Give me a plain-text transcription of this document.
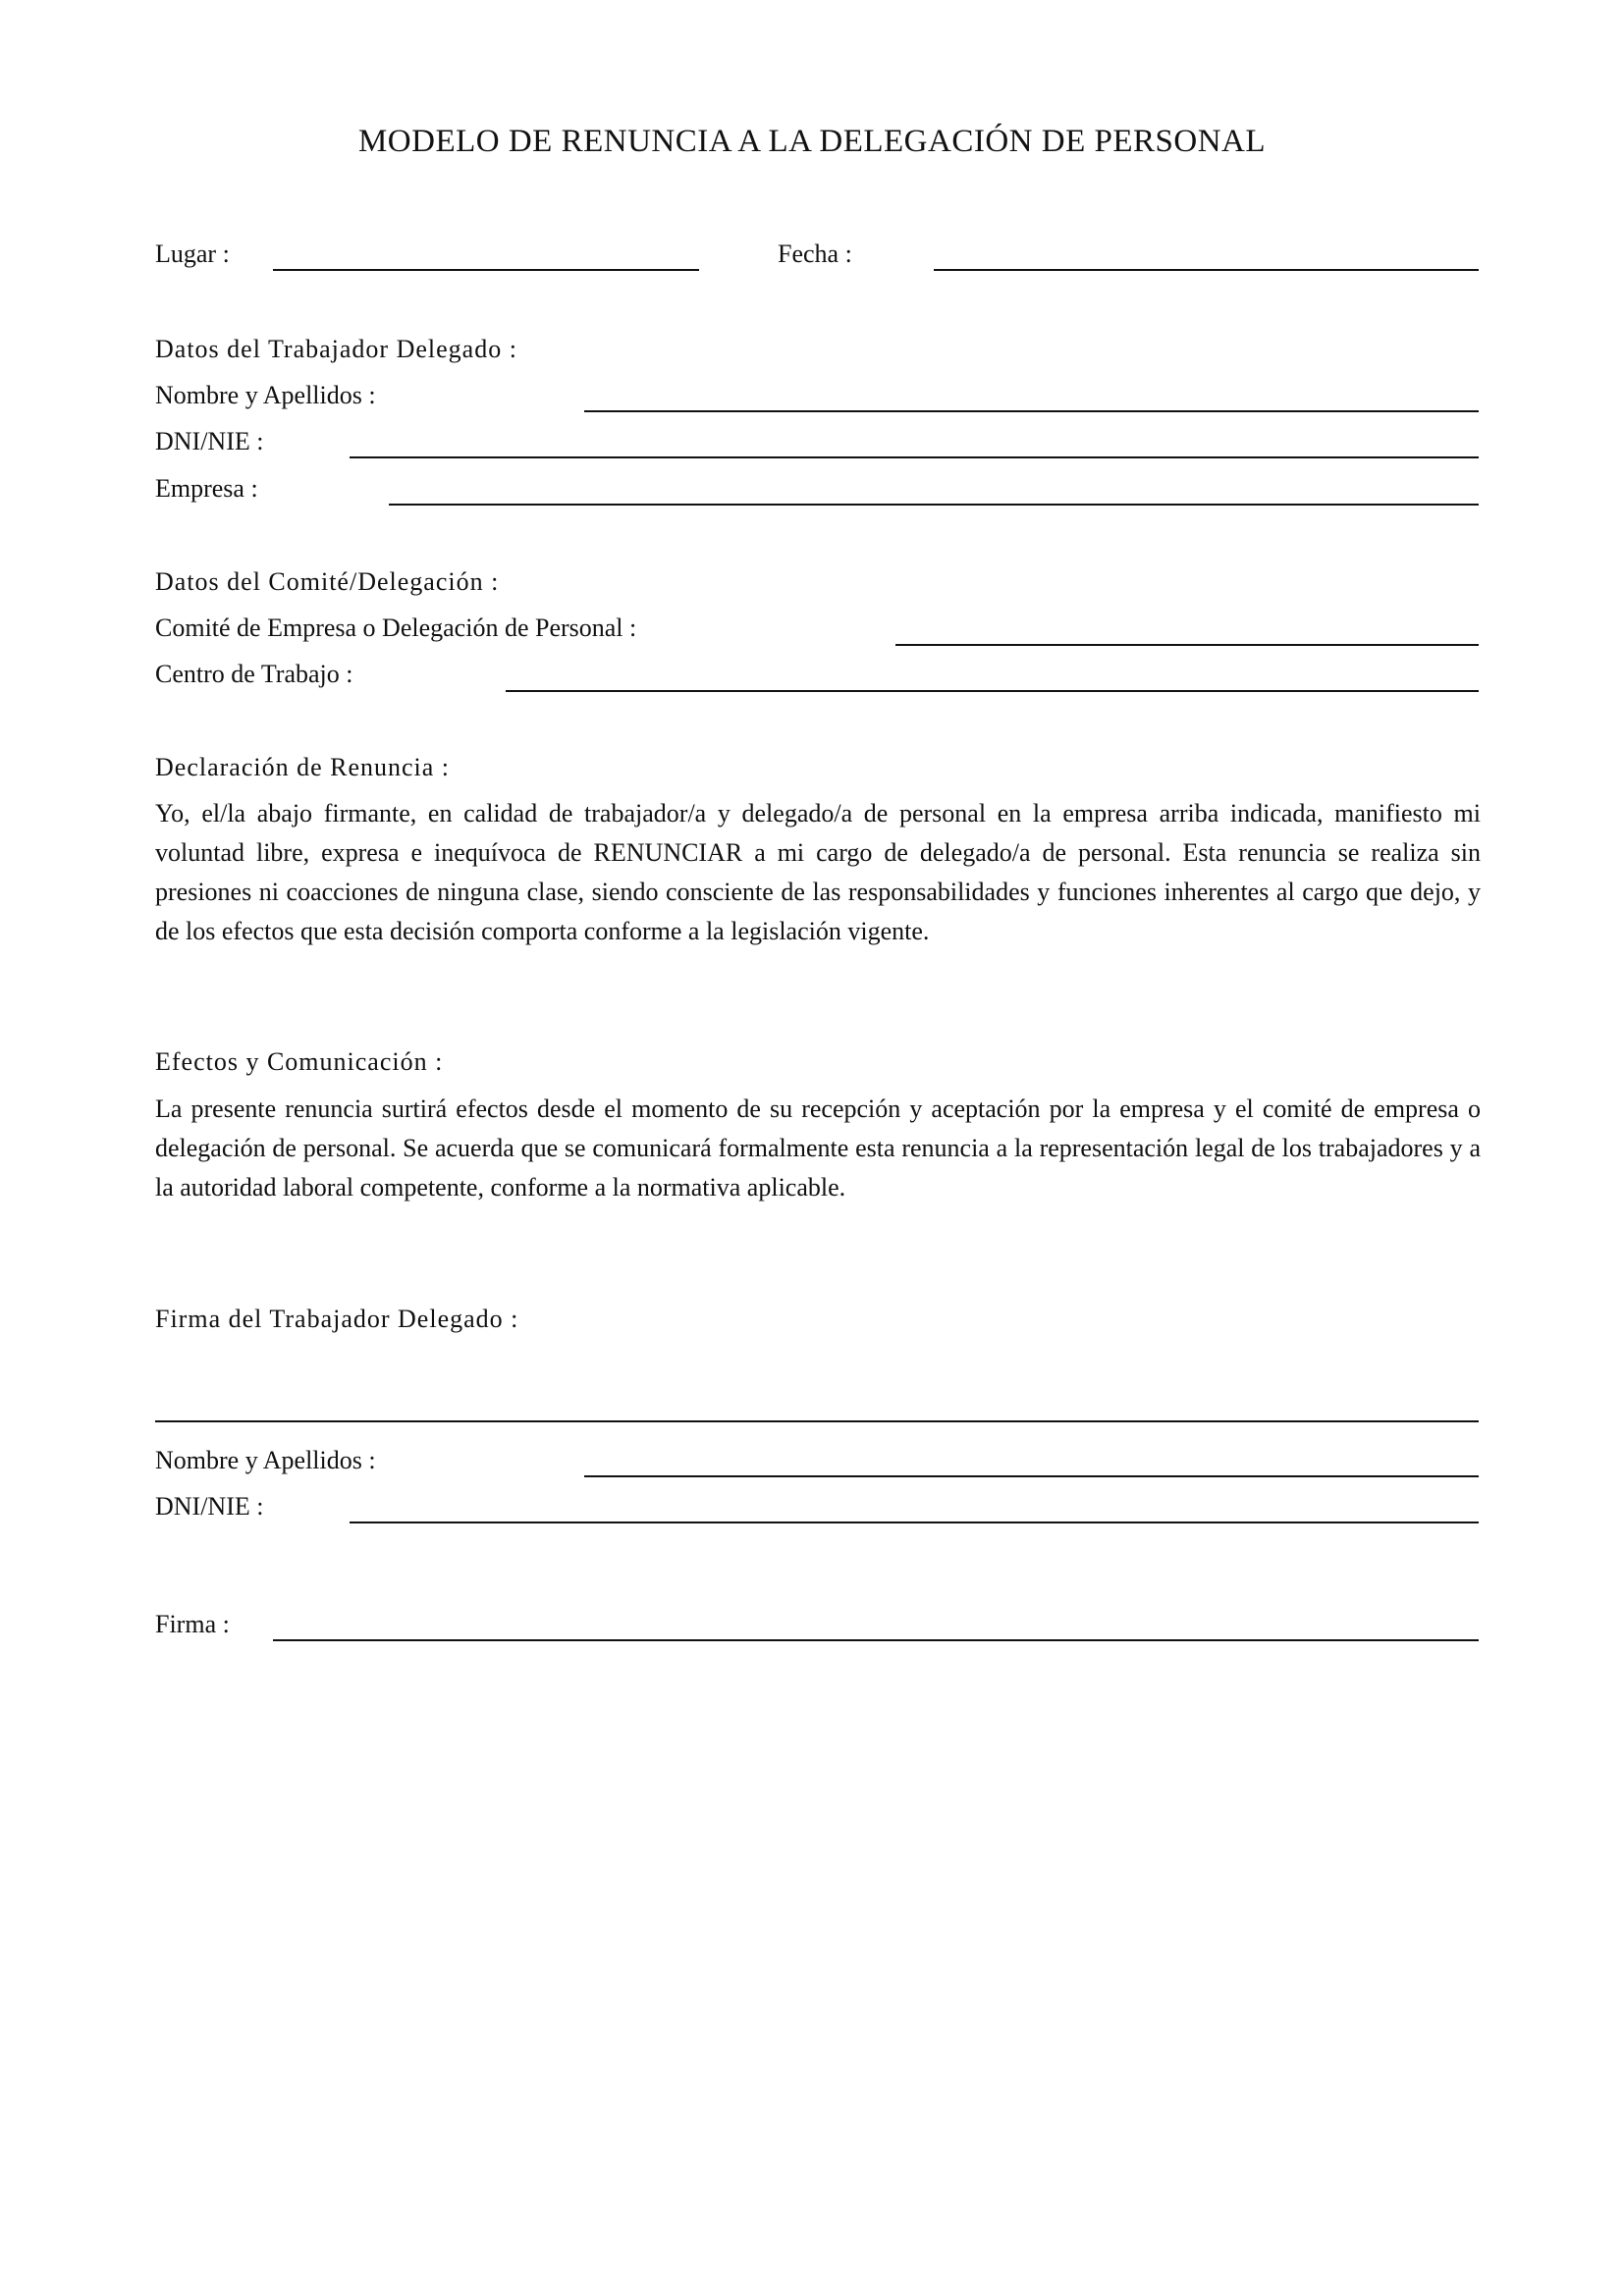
MODELO DE RENUNCIA A LA DELEGACIÓN DE PERSONAL
Lugar :	Fecha :
Datos del Trabajador Delegado :
Nombre y Apellidos :
DNI/NIE :
Empresa :
Datos del Comité/Delegación :
Comité de Empresa o Delegación de Personal :
Centro de Trabajo :
Declaración de Renuncia :
Yo, el/la abajo firmante, en calidad de trabajador/a y delegado/a de personal en la empresa arriba indicada, manifiesto mi voluntad libre, expresa e inequívoca de RENUNCIAR a mi cargo de delegado/a de personal. Esta renuncia se realiza sin presiones ni coacciones de ninguna clase, siendo consciente de las responsabilidades y funciones inherentes al cargo que dejo, y de los efectos que esta decisión comporta conforme a la legislación vigente.
Efectos y Comunicación :
La presente renuncia surtirá efectos desde el momento de su recepción y aceptación por la empresa y el comité de empresa o delegación de personal. Se acuerda que se comunicará formalmente esta renuncia a la representación legal de los trabajadores y a la autoridad laboral competente, conforme a la normativa aplicable.
Firma del Trabajador Delegado :
Nombre y Apellidos :
DNI/NIE :
Firma :
